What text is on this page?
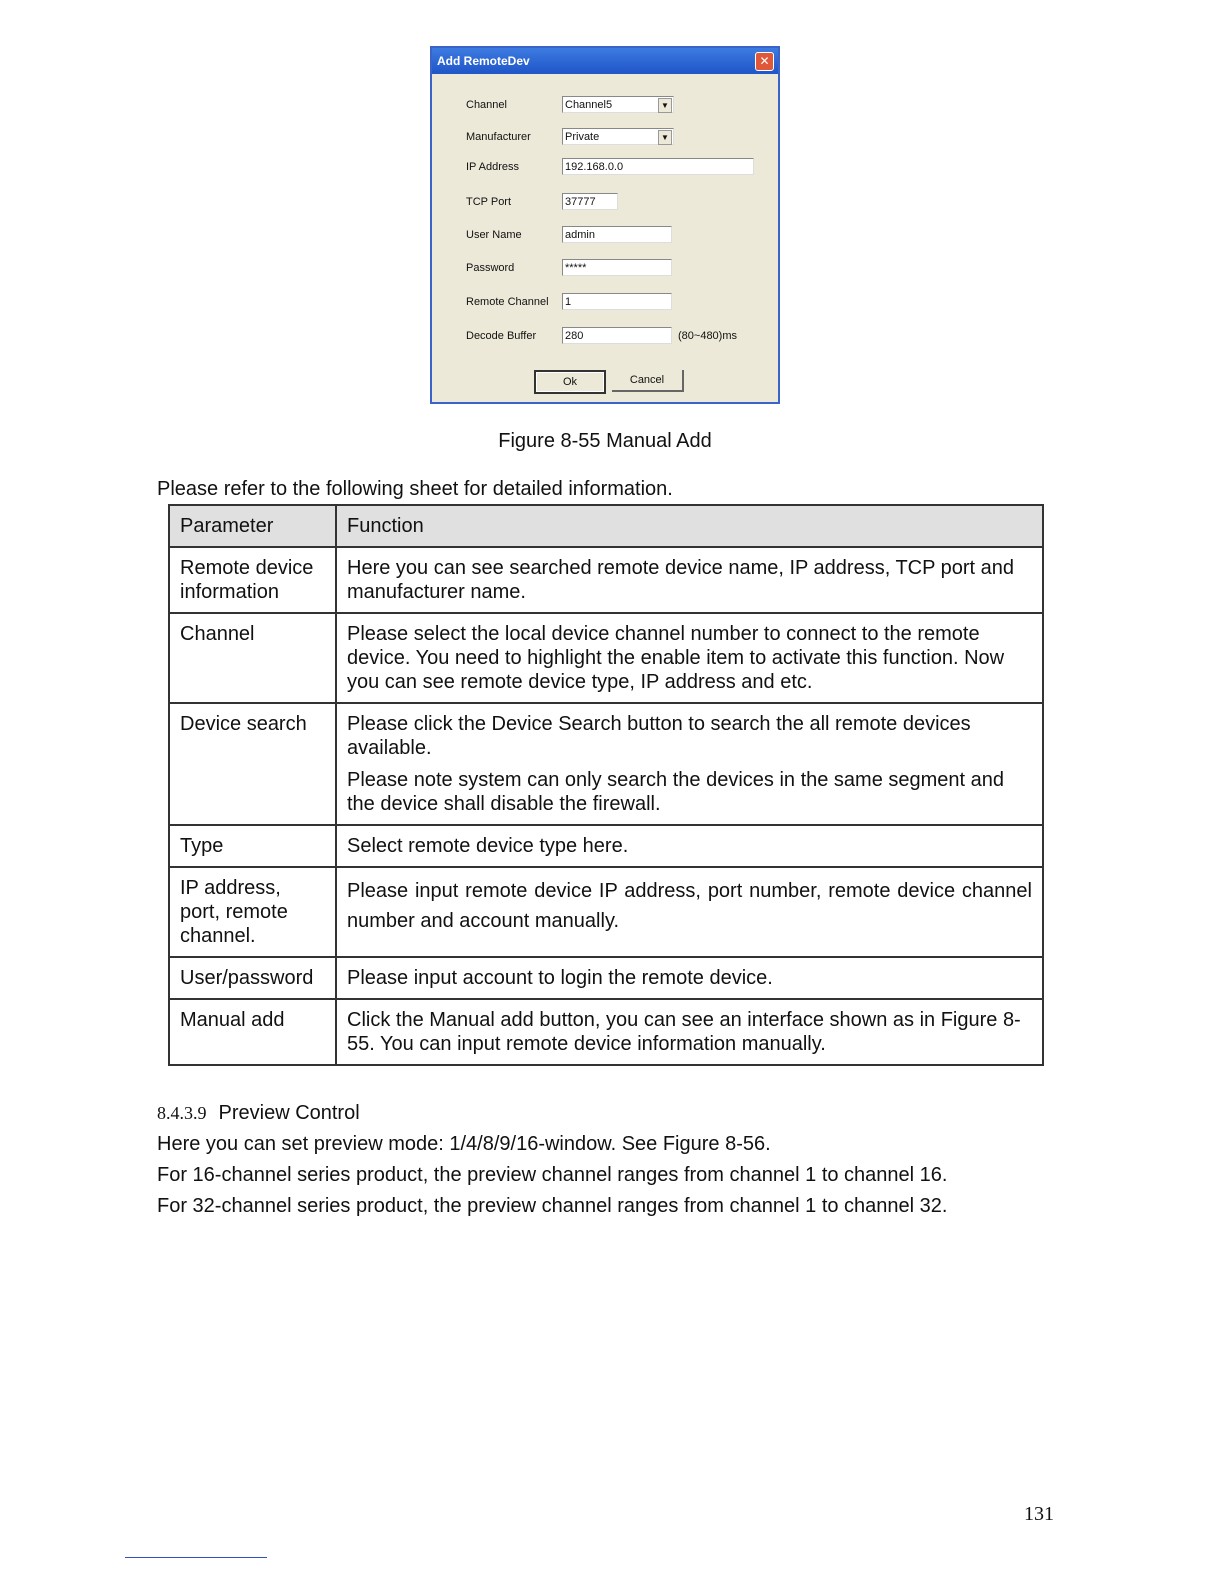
Add RemoteDev	✕
Channel	Channel5	▼
Manufacturer	Private	▼
IP Address	192.168.0.0
TCP Port	37777
User Name	admin
Password	*****
Remote Channel 1
Decode Buffer	280	(80~480)ms
Ok	Cancel
Figure 8-55 Manual Add
Please refer to the following sheet for detailed information.
Parameter	Function
Remote device information	Here you can see searched remote device name, IP address, TCP port and manufacturer name.

Channel	Please select the local device channel number to connect to the remote device. You need to highlight the enable item to activate this function. Now you can see remote device type, IP address and etc.

Device search	Please click the Device Search button to search the all remote devices available.
Please note system can only search the devices in the same segment and the device shall disable the firewall.

Type	Select remote device type here.

IP address, port, remote channel.	Please input remote device IP address, port number, remote device channel number and account manually.

User/password	Please input account to login the remote device.

Manual add	Click the Manual add button, you can see an interface shown as in Figure 8-55. You can input remote device information manually.
8.4.3.9 Preview Control
Here you can set preview mode: 1/4/8/9/16-window. See Figure 8-56.
For 16-channel series product, the preview channel ranges from channel 1 to channel 16.
For 32-channel series product, the preview channel ranges from channel 1 to channel 32.
131
